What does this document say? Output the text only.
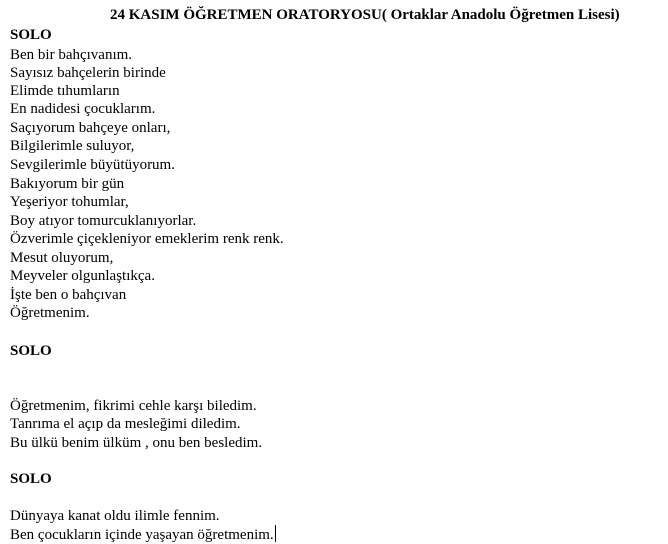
24 KASIM ÖĞRETMEN ORATORYOSU( Ortaklar Anadolu Öğretmen Lisesi)
SOLO
Ben bir bahçıvanım.
Sayısız bahçelerin birinde
Elimde tıhumların
En nadidesi çocuklarım.
Saçıyorum bahçeye onları,
Bilgilerimle suluyor,
Sevgilerimle büyütüyorum.
Bakıyorum bir gün
Yeşeriyor tohumlar,
Boy atıyor tomurcuklanıyorlar.
Özverimle çiçekleniyor emeklerim renk renk.
Mesut oluyorum,
Meyveler olgunlaştıkça.
İşte ben o bahçıvan
Öğretmenim.
SOLO
Öğretmenim, fikrimi cehle karşı biledim.
Tanrıma el açıp da mesleğimi diledim.
Bu ülkü benim ülküm , onu ben besledim.
SOLO
Dünyaya kanat oldu ilimle fennim.
Ben çocukların içinde yaşayan öğretmenim.
